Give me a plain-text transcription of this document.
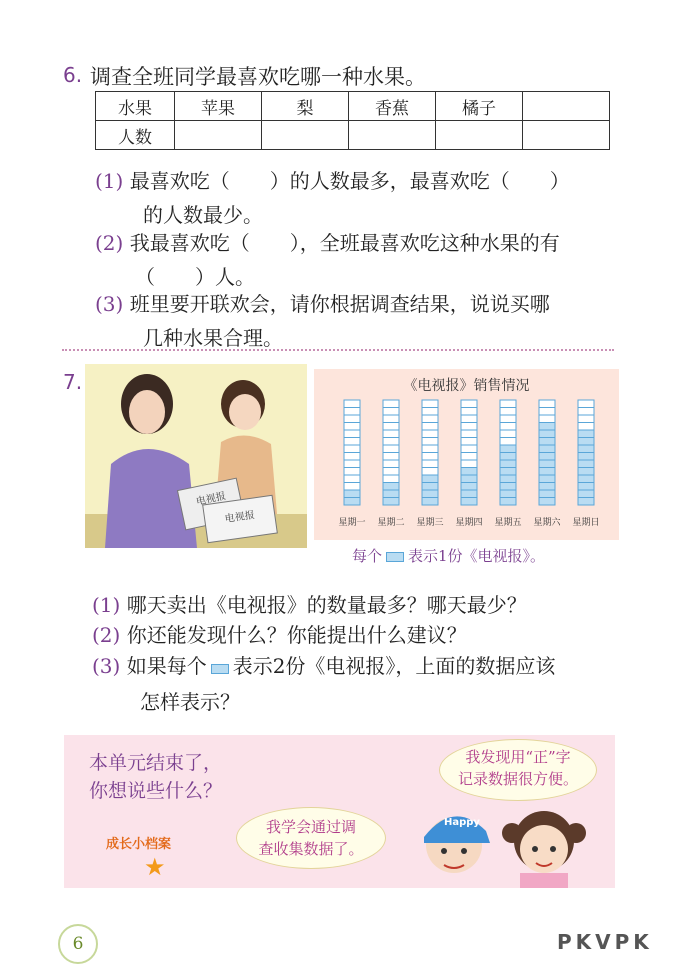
6. 调查全班同学最喜欢吃哪一种水果。
水果	苹果	梨	香蕉	橘子	
人数					
(1) 最喜欢吃（　　）的人数最多，最喜欢吃（　　）
的人数最少。
(2) 我最喜欢吃（　　），全班最喜欢吃这种水果的有
（　　）人。
(3) 班里要开联欢会，请你根据调查结果，说说买哪
几种水果合理。
7.
电视报
电视报
《电视报》销售情况
星期一 星期二 星期三 星期四 星期五 星期六 星期日
每个 表示1份《电视报》。
(1) 哪天卖出《电视报》的数量最多？哪天最少？
(2) 你还能发现什么？你能提出什么建议？
(3) 如果每个 表示2份《电视报》，上面的数据应该
怎样表示？
本单元结束了，
你想说些什么？
我发现用“正”字
记录数据很方便。
我学会通过调
查收集数据了。
成长小档案
★
Happy
6	PKVPK
